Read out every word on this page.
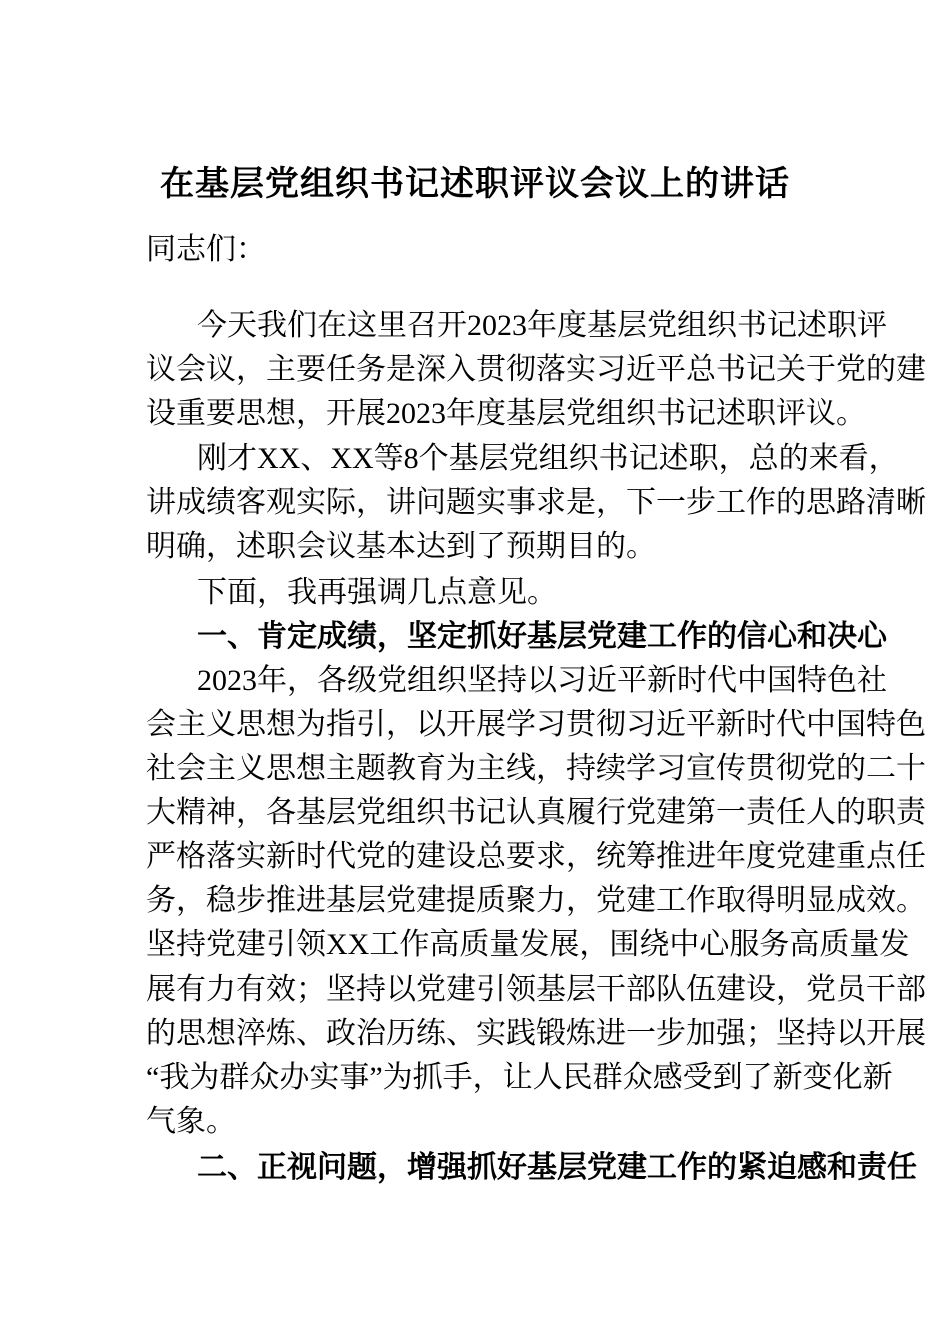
在基层党组织书记述职评议会议上的讲话
同志们：
今天我们在这里召开2023年度基层党组织书记述职评
议会议，主要任务是深入贯彻落实习近平总书记关于党的建
设重要思想，开展2023年度基层党组织书记述职评议。
刚才XX、XX等8个基层党组织书记述职，总的来看，
讲成绩客观实际，讲问题实事求是，下一步工作的思路清晰
明确，述职会议基本达到了预期目的。
下面，我再强调几点意见。
一、肯定成绩，坚定抓好基层党建工作的信心和决心
2023年，各级党组织坚持以习近平新时代中国特色社
会主义思想为指引，以开展学习贯彻习近平新时代中国特色
社会主义思想主题教育为主线，持续学习宣传贯彻党的二十
大精神，各基层党组织书记认真履行党建第一责任人的职责
严格落实新时代党的建设总要求，统筹推进年度党建重点任
务，稳步推进基层党建提质聚力，党建工作取得明显成效。
坚持党建引领XX工作高质量发展，围绕中心服务高质量发
展有力有效；坚持以党建引领基层干部队伍建设，党员干部
的思想淬炼、政治历练、实践锻炼进一步加强；坚持以开展
“我为群众办实事”为抓手，让人民群众感受到了新变化新
气象。
二、正视问题，增强抓好基层党建工作的紧迫感和责任
